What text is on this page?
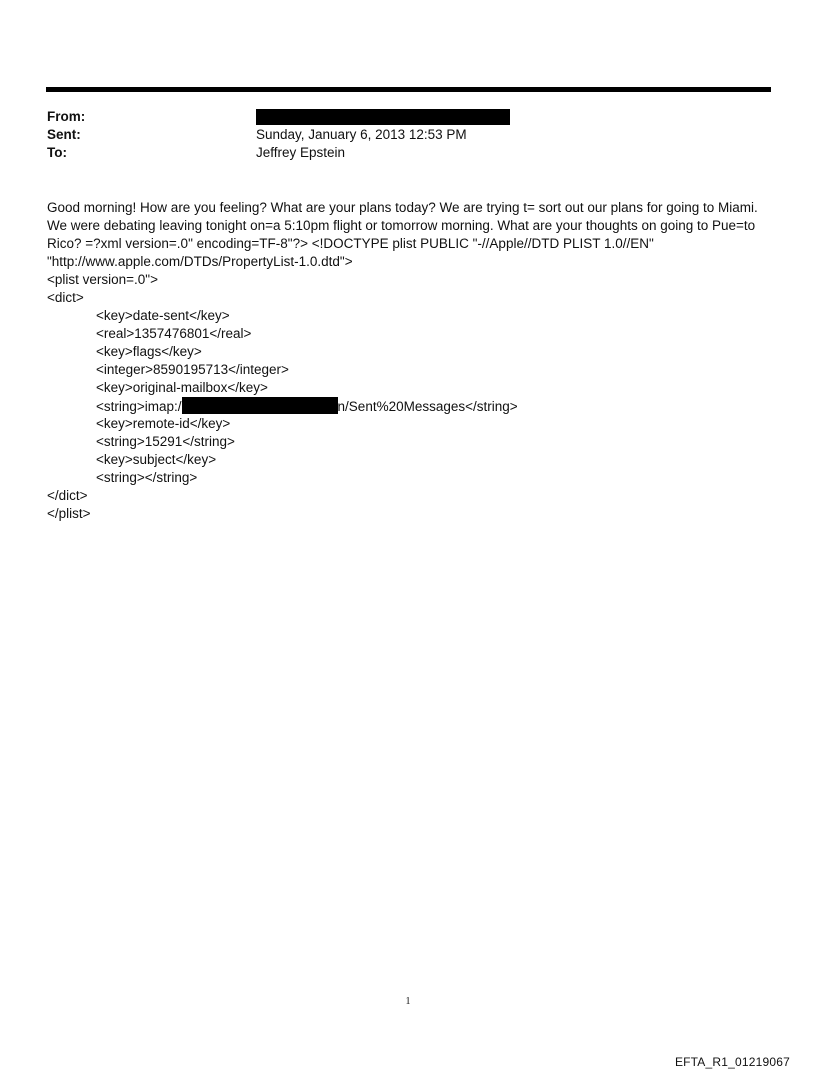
From:
Sent:	Sunday, January 6, 2013 12:53 PM
To:	Jeffrey Epstein
Good morning! How are you feeling? What are your plans today? We are trying t= sort out our plans for going to Miami.
We were debating leaving tonight on=a 5:10pm flight or tomorrow morning. What are your thoughts on going to Pue=to
Rico? =?xml version=.0" encoding=TF-8"?> <!DOCTYPE plist PUBLIC "-//Apple//DTD PLIST 1.0//EN"
"http://www.apple.com/DTDs/PropertyList-1.0.dtd">
<plist version=.0">
<dict>
<key>date-sent</key>
<real>1357476801</real>
<key>flags</key>
<integer>8590195713</integer>
<key>original-mailbox</key>
<string>imap:/	n/Sent%20Messages</string>
<key>remote-id</key>
<string>15291</string>
<key>subject</key>
<string></string>
</dict>
</plist>
1
EFTA_R1_01219067
